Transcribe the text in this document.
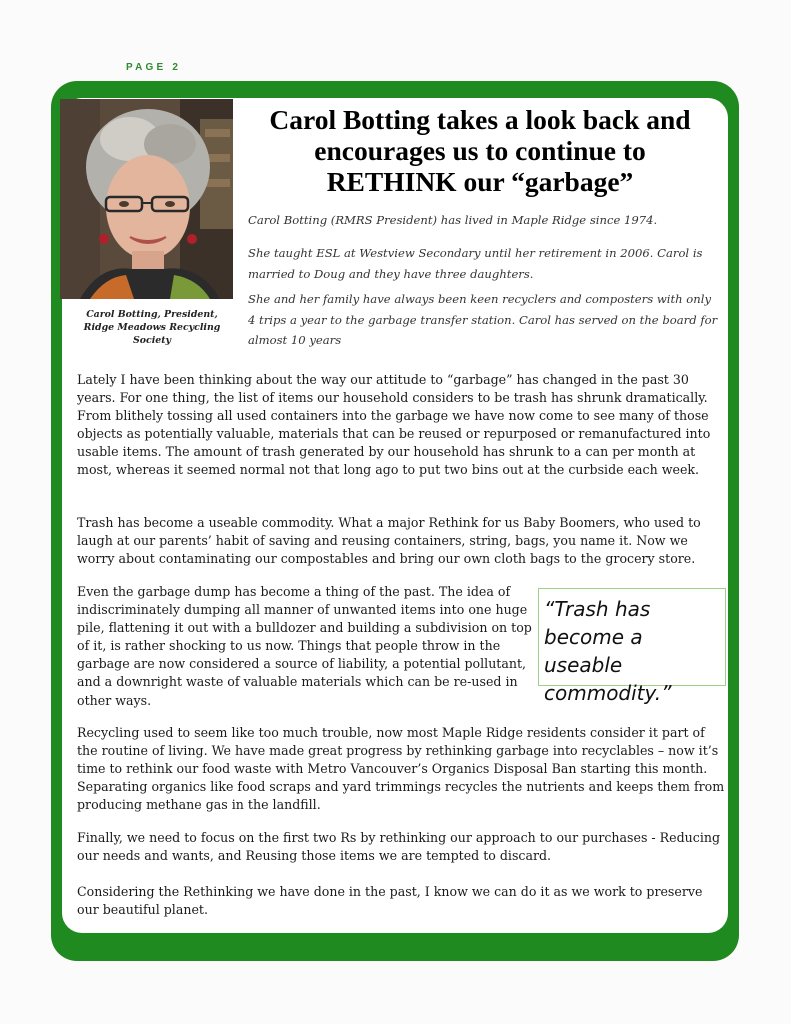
PAGE 2
Carol Botting, President, Ridge Meadows Recycling Society
Carol Botting takes a look back and encourages us to continue to RETHINK our “garbage”

Carol Botting (RMRS President) has lived in Maple Ridge since 1974.

She taught ESL at Westview Secondary until her retirement in 2006. Carol is married to Doug and they have three daughters.

She and her family have always been keen recyclers and composters with only 4 trips a year to the garbage transfer station. Carol has served on the board for almost 10 years

Lately I have been thinking about the way our attitude to “garbage” has changed in the past 30 years. For one thing, the list of items our household considers to be trash has shrunk dramatically. From blithely tossing all used containers into the garbage we have now come to see many of those objects as potentially valuable, materials that can be reused or repurposed or remanufactured into usable items. The amount of trash generated by our household has shrunk to a can per month at most, whereas it seemed normal not that long ago to put two bins out at the curbside each week.

Trash has become a useable commodity. What a major Rethink for us Baby Boomers, who used to laugh at our parents’ habit of saving and reusing containers, string, bags, you name it. Now we worry about contaminating our compostables and bring our own cloth bags to the grocery store.

Even the garbage dump has become a thing of the past. The idea of indiscriminately dumping all manner of unwanted items into one huge pile, flattening it out with a bulldozer and building a subdivision on top of it, is rather shocking to us now. Things that people throw in the garbage are now considered a source of liability, a potential pollutant, and a downright waste of valuable materials which can be re-used in other ways.

“Trash has become a useable commodity.”

Recycling used to seem like too much trouble, now most Maple Ridge residents consider it part of the routine of living. We have made great progress by rethinking garbage into recyclables – now it’s time to rethink our food waste with Metro Vancouver’s Organics Disposal Ban starting this month. Separating organics like food scraps and yard trimmings recycles the nutrients and keeps them from producing methane gas in the landfill.

Finally, we need to focus on the first two Rs by rethinking our approach to our purchases - Reducing our needs and wants, and Reusing those items we are tempted to discard.

Considering the Rethinking we have done in the past, I know we can do it as we work to preserve our beautiful planet.
